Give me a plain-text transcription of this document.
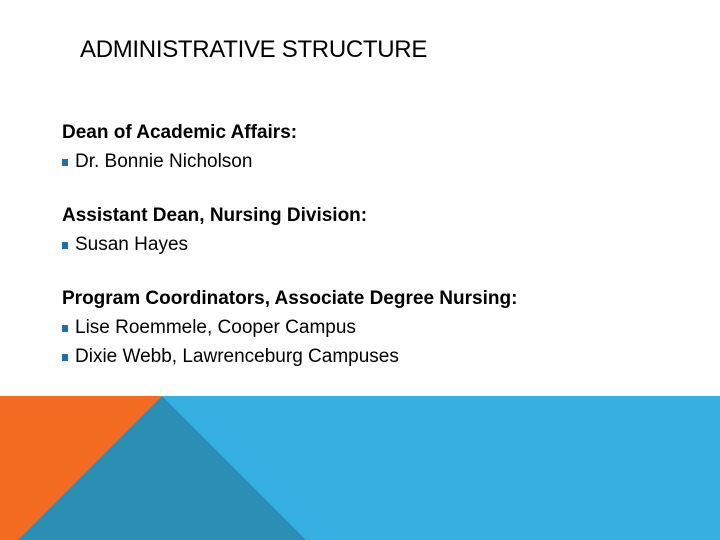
ADMINISTRATIVE STRUCTURE

Dean of Academic Affairs:

Dr. Bonnie Nicholson

Assistant Dean, Nursing Division:

Susan Hayes

Program Coordinators, Associate Degree Nursing:

Lise Roemmele, Cooper Campus
Dixie Webb, Lawrenceburg Campuses
